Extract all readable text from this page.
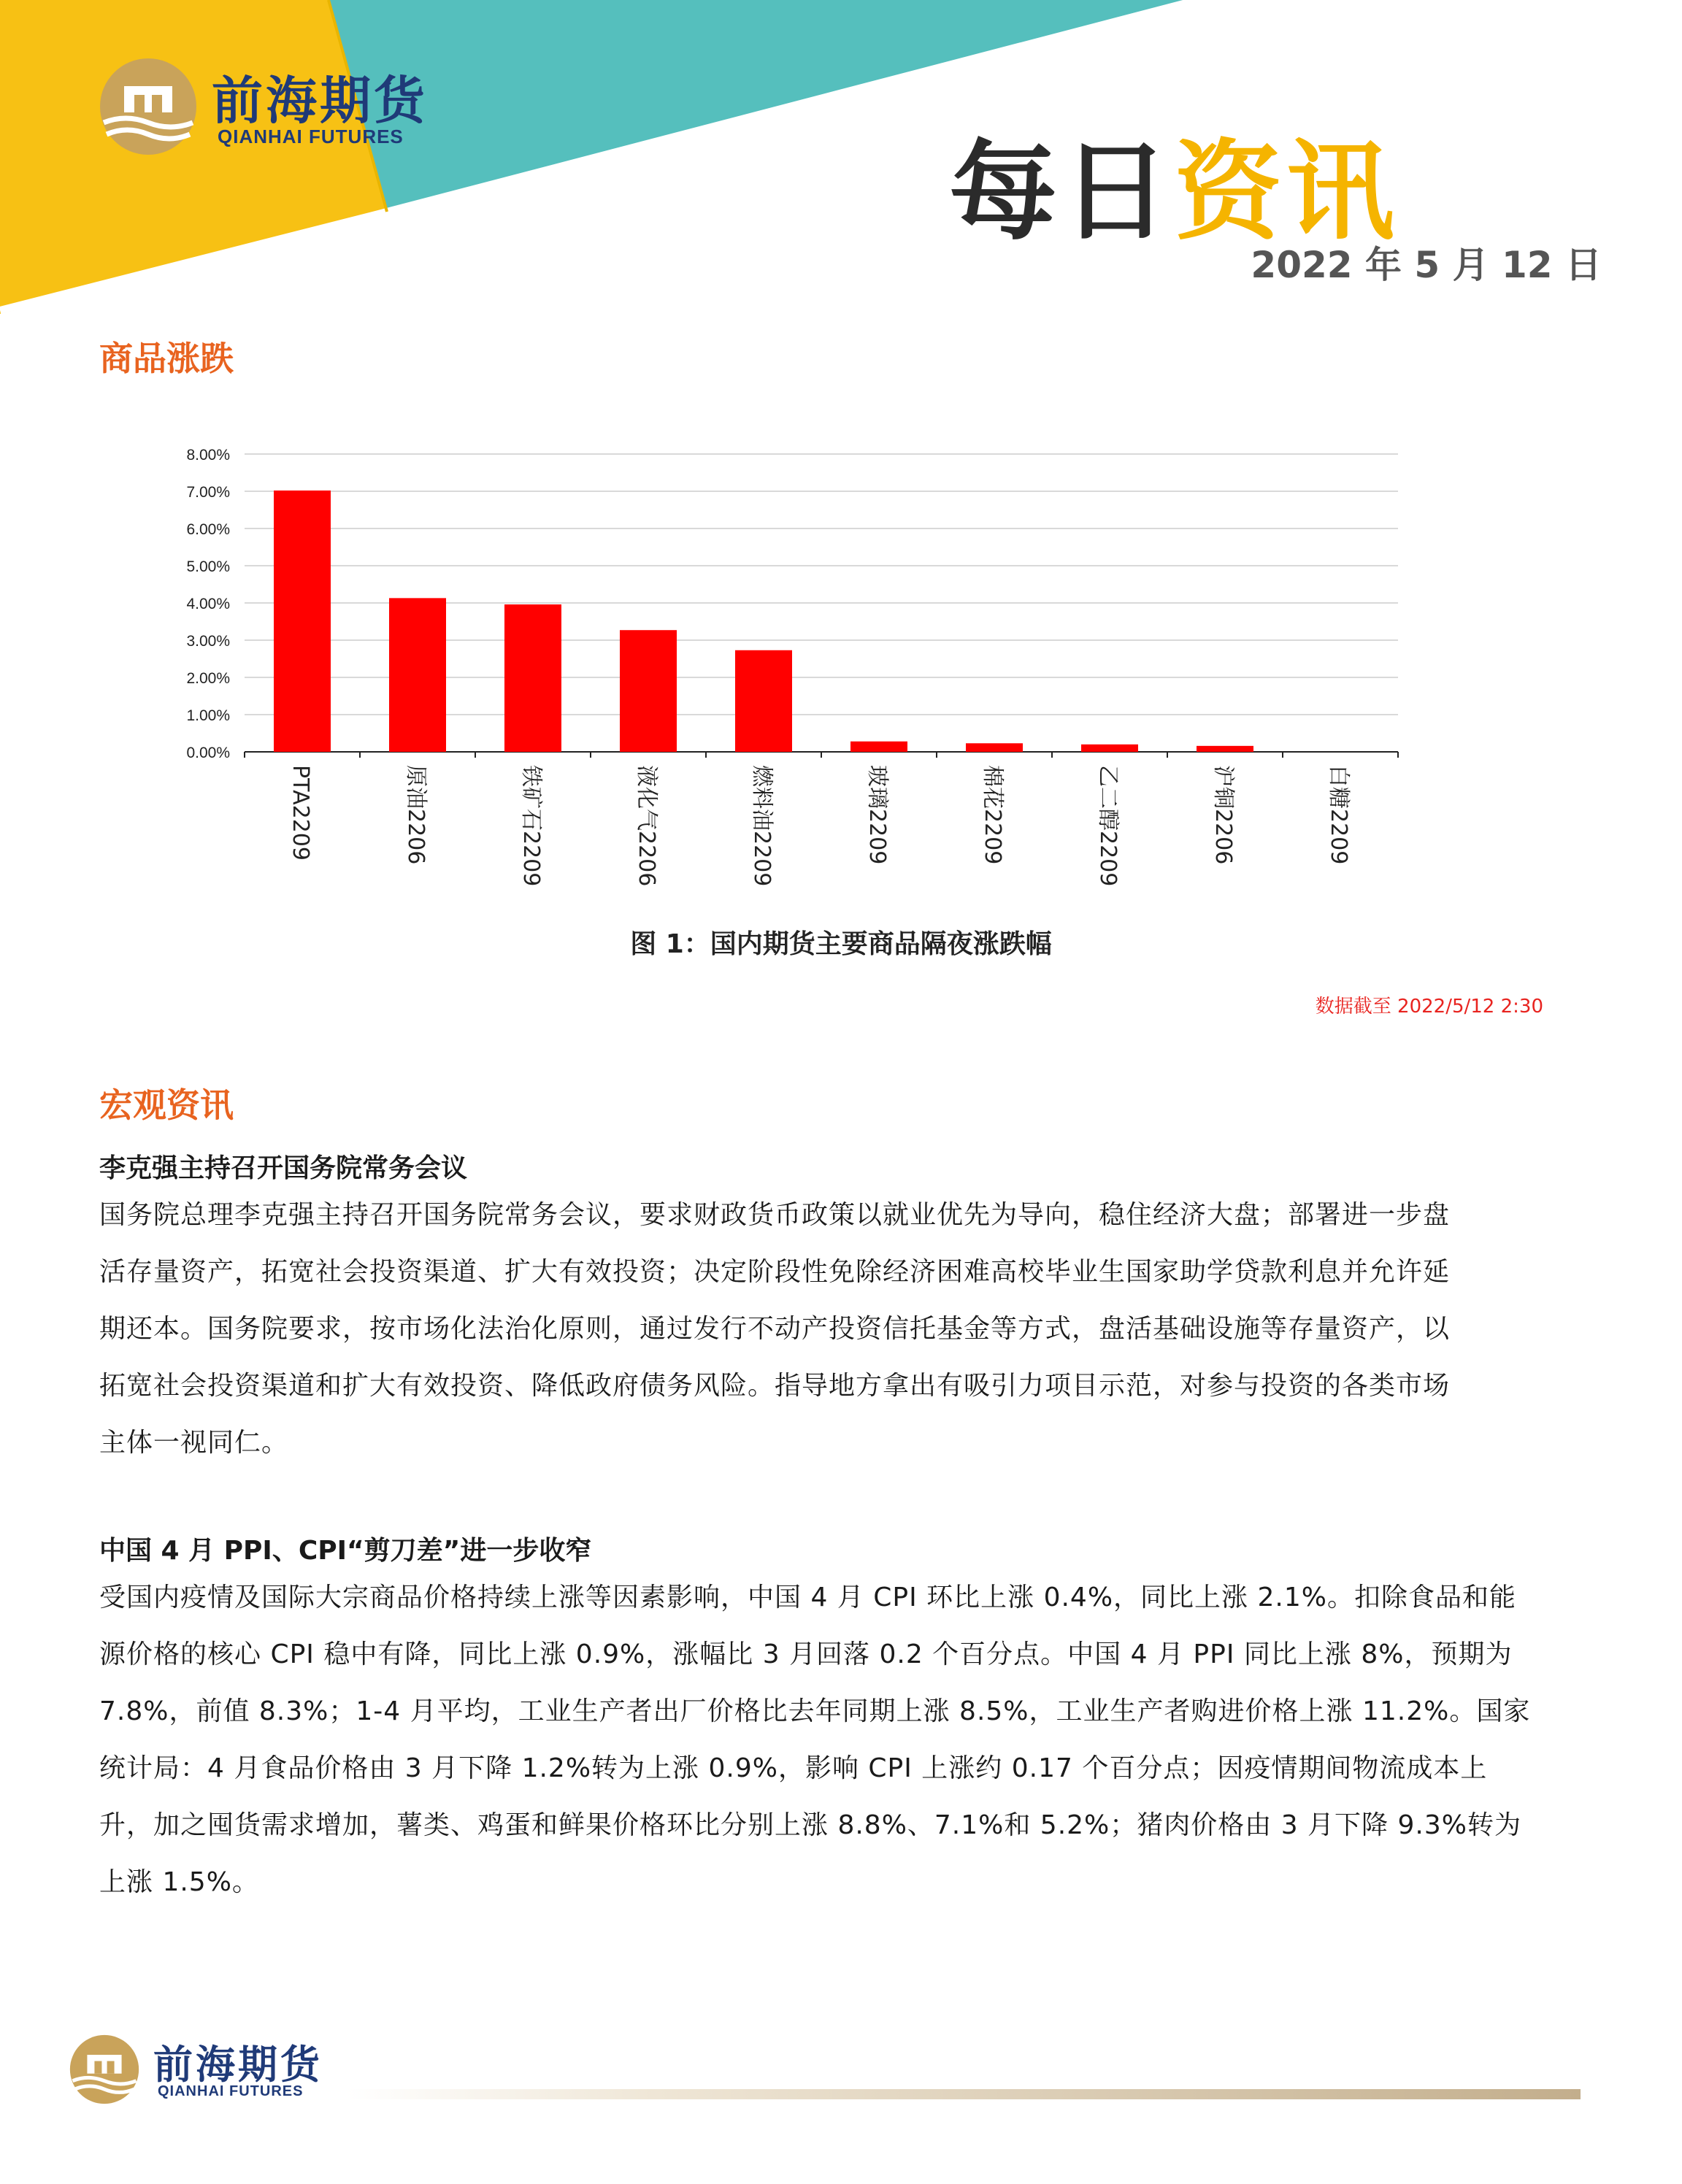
前海期货
QIANHAI FUTURES	每日资讯
2022 年 5 月 12 日
商品涨跌
0.00%
1.00%
2.00%
3.00%
4.00%
5.00%
6.00%
7.00%
8.00%
PTA2209	原油2206	铁矿石2209	液化气2206	燃料油2209	玻璃2209	棉花2209	乙二醇2209	沪铜2206	白糖2209
图 1：国内期货主要商品隔夜涨跌幅
数据截至 2022/5/12 2:30
宏观资讯
李克强主持召开国务院常务会议
国务院总理李克强主持召开国务院常务会议，要求财政货币政策以就业优先为导向，稳住经济大盘；部署进一步盘
活存量资产，拓宽社会投资渠道、扩大有效投资；决定阶段性免除经济困难高校毕业生国家助学贷款利息并允许延
期还本。国务院要求，按市场化法治化原则，通过发行不动产投资信托基金等方式，盘活基础设施等存量资产，以
拓宽社会投资渠道和扩大有效投资、降低政府债务风险。指导地方拿出有吸引力项目示范，对参与投资的各类市场
主体一视同仁。
中国 4 月 PPI、CPI“剪刀差”进一步收窄
受国内疫情及国际大宗商品价格持续上涨等因素影响，中国 4 月 CPI 环比上涨 0.4%，同比上涨 2.1%。扣除食品和能
源价格的核心 CPI 稳中有降，同比上涨 0.9%，涨幅比 3 月回落 0.2 个百分点。中国 4 月 PPI 同比上涨 8%，预期为
7.8%，前值 8.3%；1-4 月平均，工业生产者出厂价格比去年同期上涨 8.5%，工业生产者购进价格上涨 11.2%。国家
统计局：4 月食品价格由 3 月下降 1.2%转为上涨 0.9%，影响 CPI 上涨约 0.17 个百分点；因疫情期间物流成本上
升，加之囤货需求增加，薯类、鸡蛋和鲜果价格环比分别上涨 8.8%、7.1%和 5.2%；猪肉价格由 3 月下降 9.3%转为
上涨 1.5%。
前海期货
QIANHAI FUTURES
